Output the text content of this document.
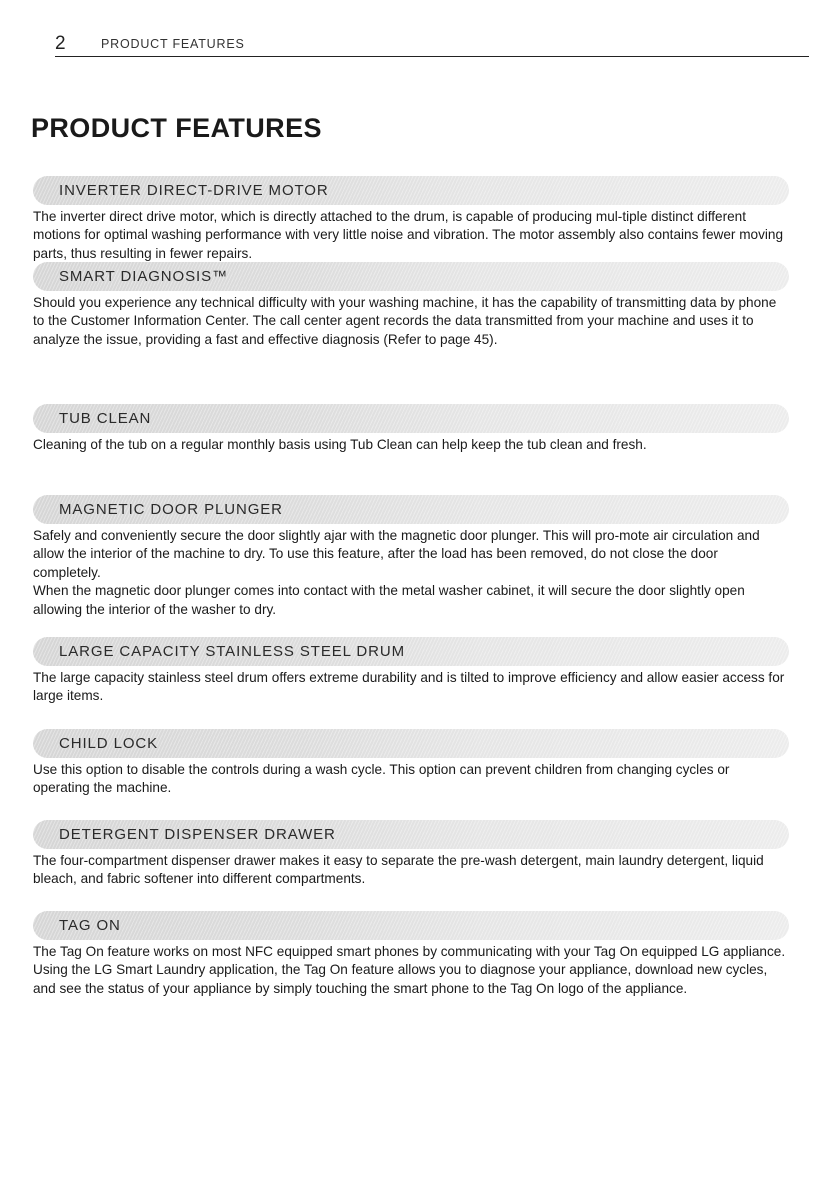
2	PRODUCT FEATURES
PRODUCT FEATURES
INVERTER DIRECT-DRIVE MOTOR

The inverter direct drive motor, which is directly attached to the drum, is capable of producing mul-tiple distinct different motions for optimal washing performance with very little noise and vibration. The motor assembly also contains fewer moving parts, thus resulting in fewer repairs.

SMART DIAGNOSIS™

Should you experience any technical difficulty with your washing machine, it has the capability of transmitting data by phone to the Customer Information Center. The call center agent records the data transmitted from your machine and uses it to analyze the issue, providing a fast and effective diagnosis (Refer to page 45).

TUB CLEAN

Cleaning of the tub on a regular monthly basis using Tub Clean can help keep the tub clean and fresh.

MAGNETIC DOOR PLUNGER

Safely and conveniently secure the door slightly ajar with the magnetic door plunger. This will pro-mote air circulation and allow the interior of the machine to dry. To use this feature, after the load has been removed, do not close the door completely.

When the magnetic door plunger comes into contact with the metal washer cabinet, it will secure the door slightly open allowing the interior of the washer to dry.

LARGE CAPACITY STAINLESS STEEL DRUM

The large capacity stainless steel drum offers extreme durability and is tilted to improve efficiency and allow easier access for large items.

CHILD LOCK

Use this option to disable the controls during a wash cycle. This option can prevent children from changing cycles or operating the machine.

DETERGENT DISPENSER DRAWER

The four-compartment dispenser drawer makes it easy to separate the pre-wash detergent, main laundry detergent, liquid bleach, and fabric softener into different compartments.

TAG ON

The Tag On feature works on most NFC equipped smart phones by communicating with your Tag On equipped LG appliance. Using the LG Smart Laundry application, the Tag On feature allows you to diagnose your appliance, download new cycles, and see the status of your appliance by simply touching the smart phone to the Tag On logo of the appliance.
